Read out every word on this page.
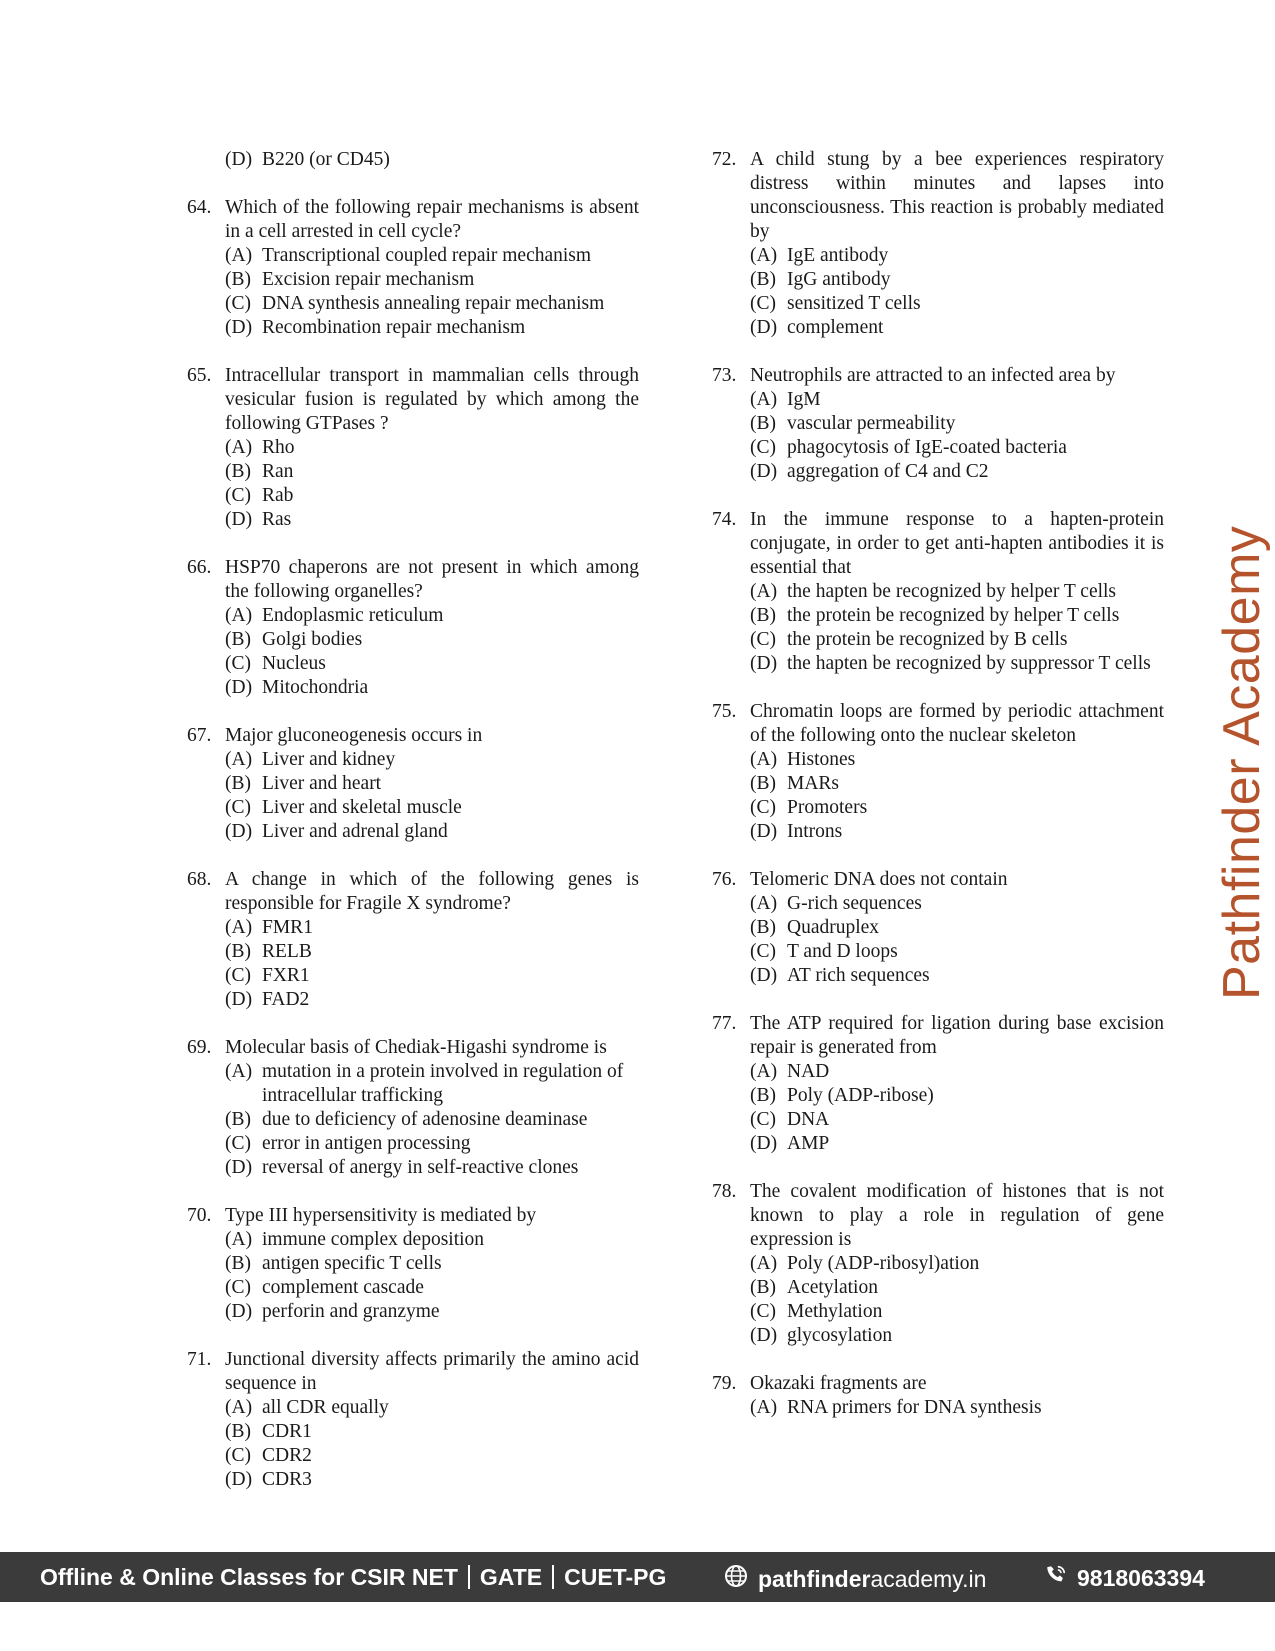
(D) B220 (or CD45)
64. Which of the following repair mechanisms is absent in a cell arrested in cell cycle?
(A) Transcriptional coupled repair mechanism
(B) Excision repair mechanism
(C) DNA synthesis annealing repair mechanism
(D) Recombination repair mechanism
65. Intracellular transport in mammalian cells through vesicular fusion is regulated by which among the following GTPases ?
(A) Rho
(B) Ran
(C) Rab
(D) Ras
66. HSP70 chaperons are not present in which among the following organelles?
(A) Endoplasmic reticulum
(B) Golgi bodies
(C) Nucleus
(D) Mitochondria
67. Major gluconeogenesis occurs in
(A) Liver and kidney
(B) Liver and heart
(C) Liver and skeletal muscle
(D) Liver and adrenal gland
68. A change in which of the following genes is responsible for Fragile X syndrome?
(A) FMR1
(B) RELB
(C) FXR1
(D) FAD2
69. Molecular basis of Chediak-Higashi syndrome is
(A) mutation in a protein involved in regulation of intracellular trafficking
(B) due to deficiency of adenosine deaminase
(C) error in antigen processing
(D) reversal of anergy in self-reactive clones
70. Type III hypersensitivity is mediated by
(A) immune complex deposition
(B) antigen specific T cells
(C) complement cascade
(D) perforin and granzyme
71. Junctional diversity affects primarily the amino acid sequence in
(A) all CDR equally
(B) CDR1
(C) CDR2
(D) CDR3
72. A child stung by a bee experiences respiratory distress within minutes and lapses into unconsciousness. This reaction is probably mediated by
(A) IgE antibody
(B) IgG antibody
(C) sensitized T cells
(D) complement
73. Neutrophils are attracted to an infected area by
(A) IgM
(B) vascular permeability
(C) phagocytosis of IgE-coated bacteria
(D) aggregation of C4 and C2
74. In the immune response to a hapten-protein conjugate, in order to get anti-hapten antibodies it is essential that
(A) the hapten be recognized by helper T cells
(B) the protein be recognized by helper T cells
(C) the protein be recognized by B cells
(D) the hapten be recognized by suppressor T cells
75. Chromatin loops are formed by periodic attachment of the following onto the nuclear skeleton
(A) Histones
(B) MARs
(C) Promoters
(D) Introns
76. Telomeric DNA does not contain
(A) G-rich sequences
(B) Quadruplex
(C) T and D loops
(D) AT rich sequences
77. The ATP required for ligation during base excision repair is generated from
(A) NAD
(B) Poly (ADP-ribose)
(C) DNA
(D) AMP
78. The covalent modification of histones that is not known to play a role in regulation of gene expression is
(A) Poly (ADP-ribosyl)ation
(B) Acetylation
(C) Methylation
(D) glycosylation
79. Okazaki fragments are
(A) RNA primers for DNA synthesis
Pathfinder Academy
Offline & Online Classes for CSIR NET GATE CUET-PG	pathfinder academy.in	9818063394
